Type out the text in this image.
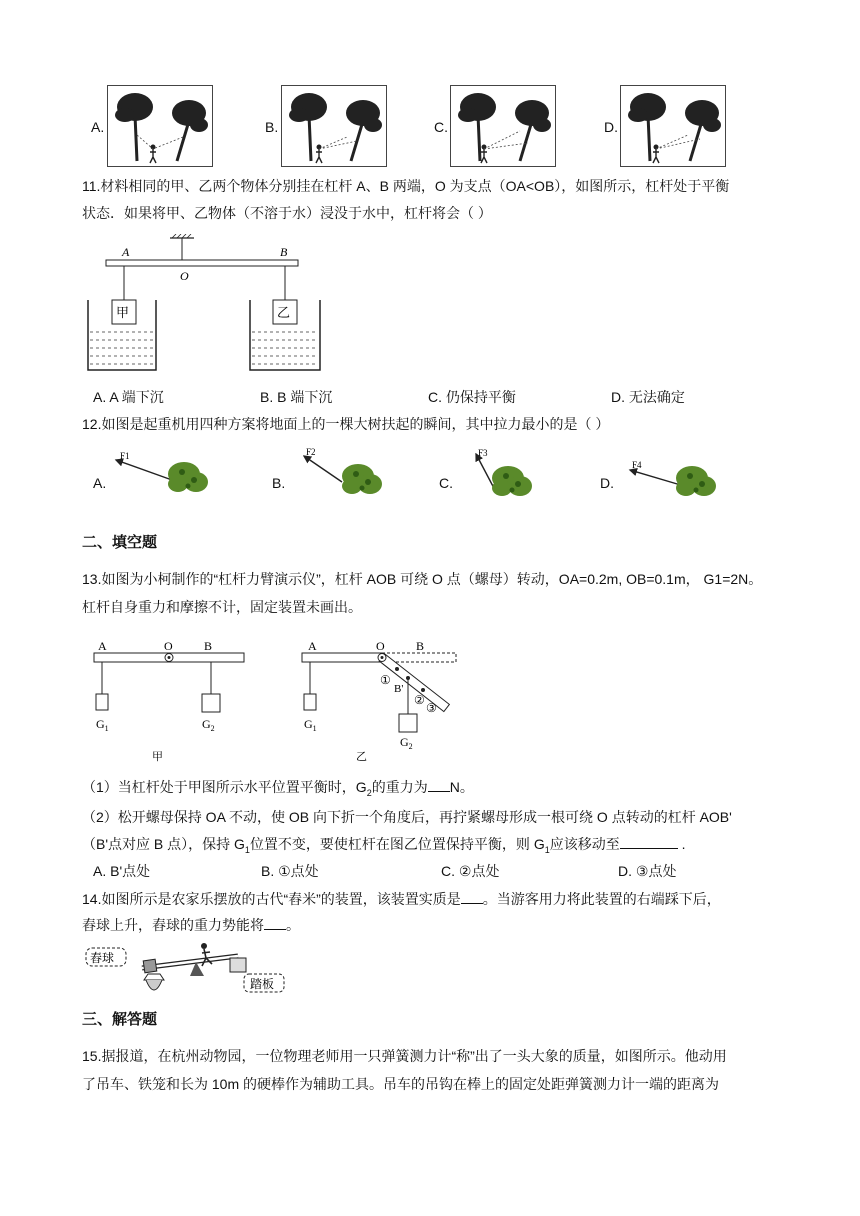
A.	B.	C.	D.
11.材料相同的甲、乙两个物体分别挂在杠杆 A、B 两端，O 为支点（OA<OB），如图所示，杠杆处于平衡
状态．如果将甲、乙物体（不溶于水）浸没于水中，杠杆将会（ ）
A	B
O
甲	乙
A. A 端下沉	B. B 端下沉	C. 仍保持平衡	D. 无法确定
12.如图是起重机用四种方案将地面上的一棵大树扶起的瞬间，其中拉力最小的是（ ）
A.	B.	C.	D.
F1	F2	F3
F4
二、填空题
13.如图为小柯制作的“杠杆力臂演示仪”，杠杆 AOB 可绕 O 点（螺母）转动，OA=0.2m, OB=0.1m， G1=2N。
杠杆自身重力和摩擦不计，固定装置未画出。
A	O	B
$G_1$	$G_2$
甲
A	O	B
①
B'
②
③
$G_1$
$G_2$
乙
（1）当杠杆处于甲图所示水平位置平衡时，$G_2$的重力为 N。
（2）松开螺母保持 OA 不动，使 OB 向下折一个角度后，再拧紧螺母形成一根可绕 O 点转动的杠杆 AOB'
（B'点对应 B 点），保持 $G_1$位置不变，要使杠杆在图乙位置保持平衡，则 $G_1$应该移动至	.
A. B'点处	B. ①点处	C. ②点处	D. ③点处
14.如图所示是农家乐摆放的古代“舂米”的装置，该装置实质是 。当游客用力将此装置的右端踩下后，
舂球上升，舂球的重力势能将 。
舂球
踏板
三、解答题
15.据报道，在杭州动物园，一位物理老师用一只弹簧测力计“称”出了一头大象的质量，如图所示。他动用
了吊车、铁笼和长为 10m 的硬棒作为辅助工具。吊车的吊钩在棒上的固定处距弹簧测力计一端的距离为
